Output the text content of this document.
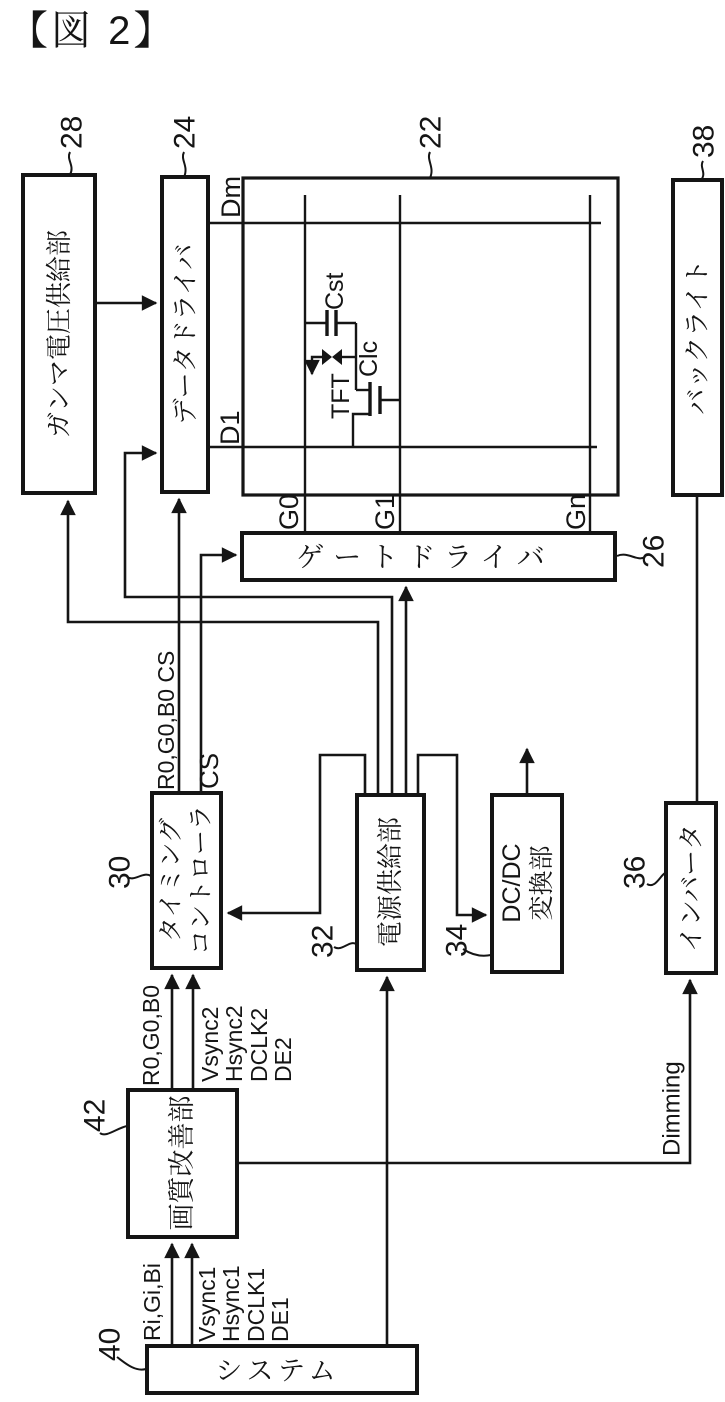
【図 2】
ガンマ電圧供給部	データドライバ	バックライト
タイミング コントローラ	電源供給部	DC/DC 変換部	インバータ
画質改善部
ゲートドライバ
システム
28	24	22	38
26
30
32	34
36
40
42
Dm
D1
G0 G1	Gn
Cst
Clc
TFT
R0,G0,B0 CS CS
R0,G0,B0 Vsync2
Hsync2 DCLK2
DE2
Ri,Gi,Bi Vsync1
Hsync1 DCLK1
DE1
Dimming
